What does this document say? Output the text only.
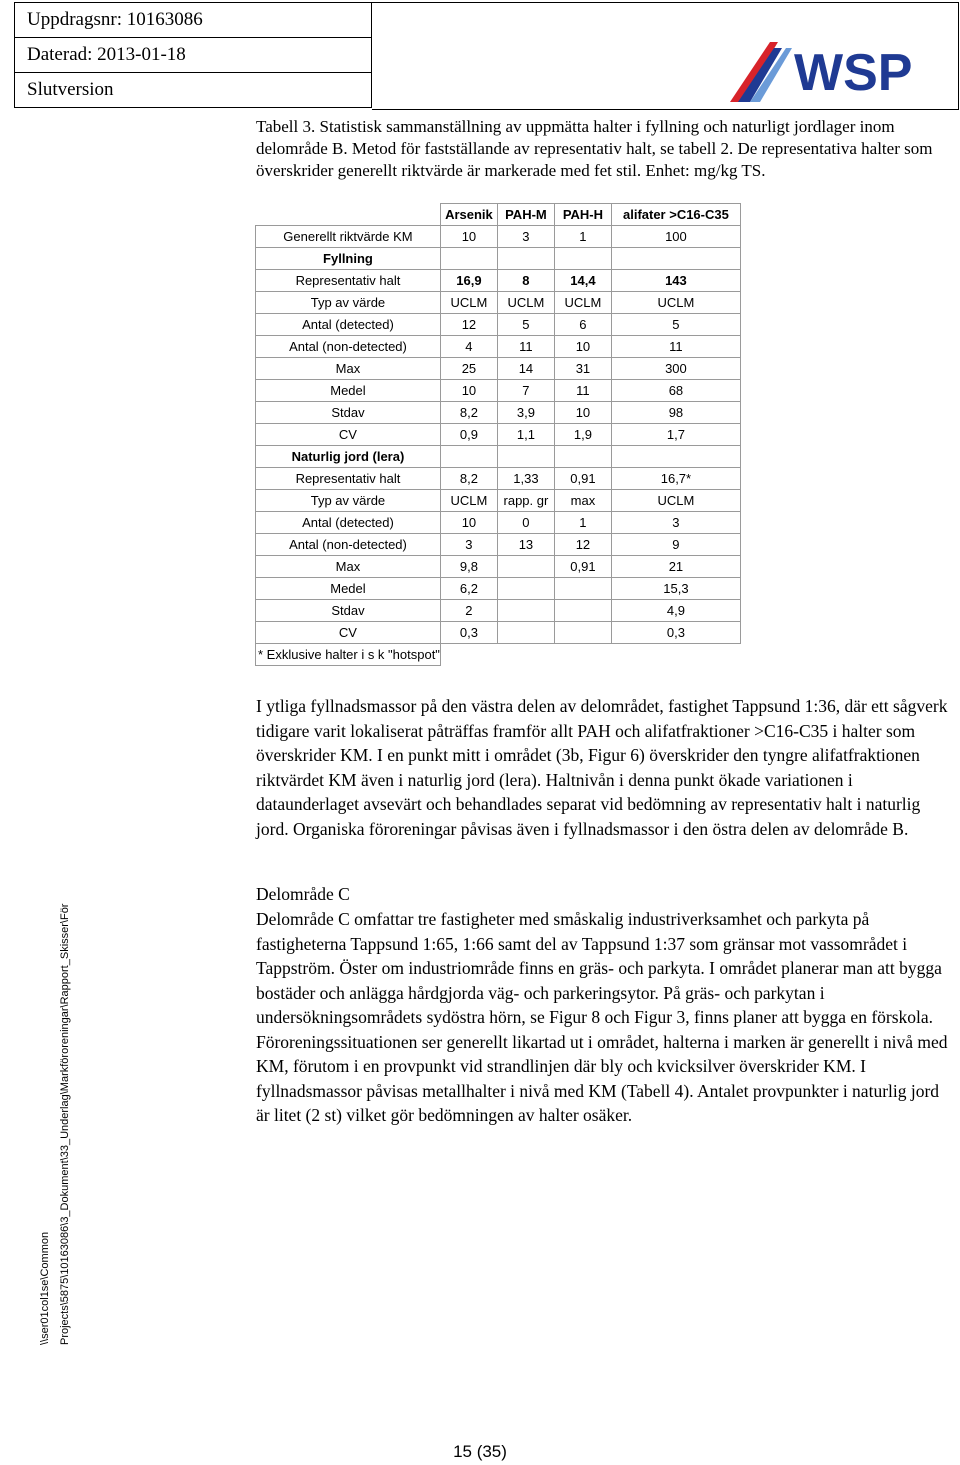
Uppdragsnr: 10163086
Daterad: 2013-01-18
Slutversion	WSP
Tabell 3. Statistisk sammanställning av uppmätta halter i fyllning och naturligt jordlager inom delområde B. Metod för fastställande av representativ halt, se tabell 2. De representativa halter som överskrider generellt riktvärde är markerade med fet stil. Enhet: mg/kg TS.
	Arsenik	PAH-M	PAH-H	alifater >C16-C35
Generellt riktvärde KM	10	3	1	100
Fyllning				
Representativ halt	16,9	8	14,4	143
Typ av värde	UCLM	UCLM	UCLM	UCLM
Antal (detected)	12	5	6	5
Antal (non-detected)	4	11	10	11
Max	25	14	31	300
Medel	10	7	11	68
Stdav	8,2	3,9	10	98
CV	0,9	1,1	1,9	1,7
Naturlig jord (lera)				
Representativ halt	8,2	1,33	0,91	16,7*
Typ av värde	UCLM	rapp. gr	max	UCLM
Antal (detected)	10	0	1	3
Antal (non-detected)	3	13	12	9
Max	9,8		0,91	21
Medel	6,2			15,3
Stdav	2			4,9
CV	0,3			0,3
* Exklusive halter i s k "hotspot"				
I ytliga fyllnadsmassor på den västra delen av delområdet, fastighet Tappsund 1:36, där ett sågverk tidigare varit lokaliserat påträffas framför allt PAH och alifatfraktioner >C16-C35 i halter som överskrider KM. I en punkt mitt i området (3b, Figur 6) överskrider den tyngre alifatfraktionen riktvärdet KM även i naturlig jord (lera). Haltnivån i denna punkt ökade variationen i dataunderlaget avsevärt och behandlades separat vid bedömning av representativ halt i naturlig jord. Organiska föroreningar påvisas även i fyllnadsmassor i den östra delen av delområde B.
Delområde C
Delområde C omfattar tre fastigheter med småskalig industriverksamhet och parkyta på fastigheterna Tappsund 1:65, 1:66 samt del av Tappsund 1:37 som gränsar mot vassområdet i Tappström. Öster om industriområde finns en gräs- och parkyta. I området planerar man att bygga bostäder och anlägga hårdgjorda väg- och parkeringsytor. På gräs- och parkytan i undersökningsområdets sydöstra hörn, se Figur 8 och Figur 3, finns planer att bygga en förskola. Föroreningssituationen ser generellt likartad ut i området, halterna i marken är generellt i nivå med KM, förutom i en provpunkt vid strandlinjen där bly och kvicksilver överskrider KM. I fyllnadsmassor påvisas metallhalter i nivå med KM (Tabell 4). Antalet provpunkter i naturlig jord är litet (2 st) vilket gör bedömningen av halter osäker.
\\ser01col1se\Common Projects\5875\10163086\3_Dokument\33_Underlag\Markföroreningar\Rapport_Skisser\För
15 (35)
